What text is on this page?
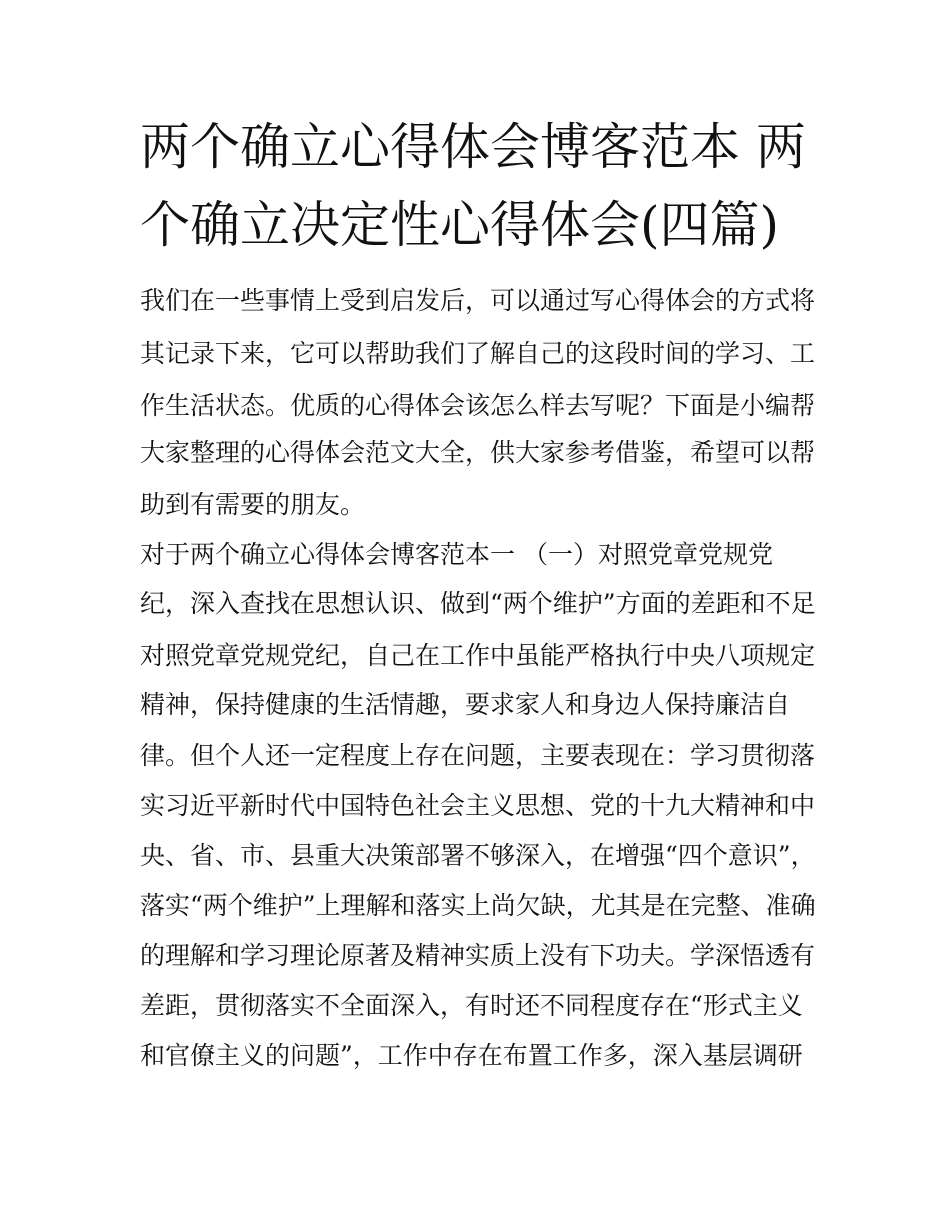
两个确立心得体会博客范本 两
个确立决定性心得体会(四篇)
我们在一些事情上受到启发后，可以通过写心得体会的方式将
其记录下来，它可以帮助我们了解自己的这段时间的学习、工
作生活状态。优质的心得体会该怎么样去写呢？下面是小编帮
大家整理的心得体会范文大全，供大家参考借鉴，希望可以帮
助到有需要的朋友。
对于两个确立心得体会博客范本一 （一）对照党章党规党
纪，深入查找在思想认识、做到“两个维护”方面的差距和不足
对照党章党规党纪，自己在工作中虽能严格执行中央八项规定
精神，保持健康的生活情趣，要求家人和身边人保持廉洁自
律。但个人还一定程度上存在问题，主要表现在：学习贯彻落
实习近平新时代中国特色社会主义思想、党的十九大精神和中
央、省、市、县重大决策部署不够深入，在增强“四个意识”，
落实“两个维护”上理解和落实上尚欠缺，尤其是在完整、准确
的理解和学习理论原著及精神实质上没有下功夫。学深悟透有
差距，贯彻落实不全面深入，有时还不同程度存在“形式主义
和官僚主义的问题”，工作中存在布置工作多，深入基层调研
